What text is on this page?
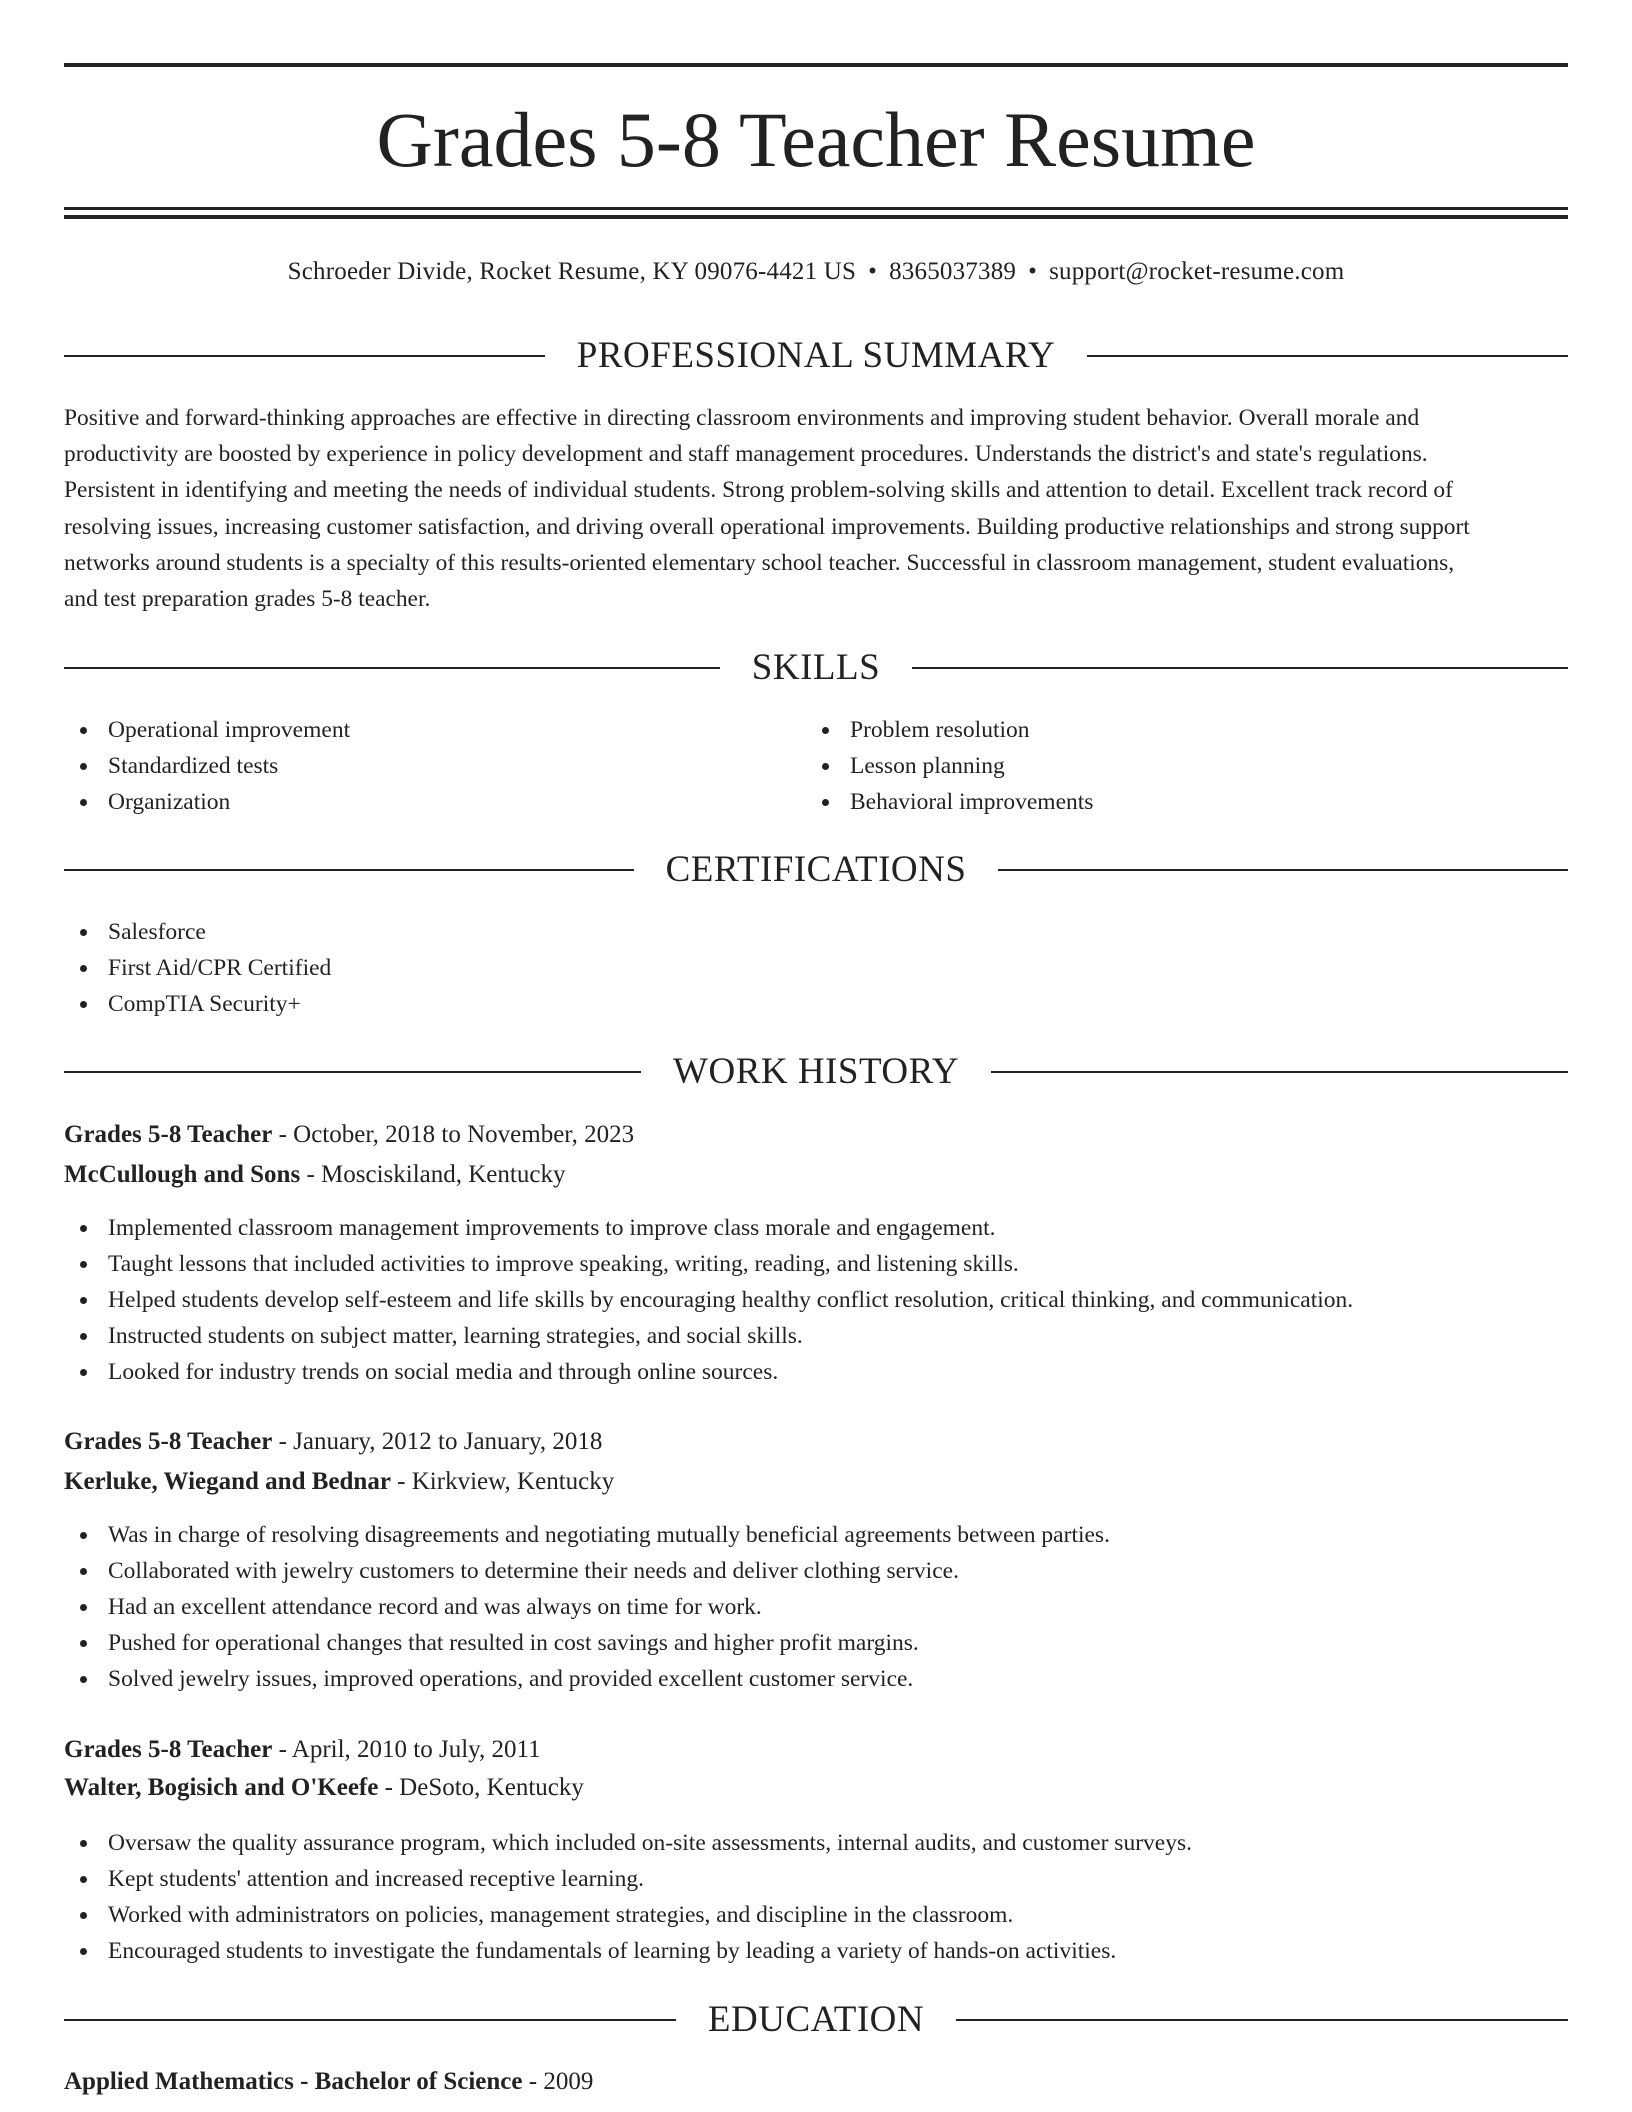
Grades 5-8 Teacher Resume
Schroeder Divide, Rocket Resume, KY 09076-4421 US • 8365037389 • support@rocket-resume.com
PROFESSIONAL SUMMARY
Positive and forward-thinking approaches are effective in directing classroom environments and improving student behavior. Overall morale and
productivity are boosted by experience in policy development and staff management procedures. Understands the district's and state's regulations.
Persistent in identifying and meeting the needs of individual students. Strong problem-solving skills and attention to detail. Excellent track record of
resolving issues, increasing customer satisfaction, and driving overall operational improvements. Building productive relationships and strong support
networks around students is a specialty of this results-oriented elementary school teacher. Successful in classroom management, student evaluations,
and test preparation grades 5-8 teacher.
SKILLS
Operational improvement
Standardized tests
Organization
Problem resolution
Lesson planning
Behavioral improvements
CERTIFICATIONS
Salesforce
First Aid/CPR Certified
CompTIA Security+
WORK HISTORY
Grades 5-8 Teacher - October, 2018 to November, 2023
McCullough and Sons - Mosciskiland, Kentucky
Implemented classroom management improvements to improve class morale and engagement.
Taught lessons that included activities to improve speaking, writing, reading, and listening skills.
Helped students develop self-esteem and life skills by encouraging healthy conflict resolution, critical thinking, and communication.
Instructed students on subject matter, learning strategies, and social skills.
Looked for industry trends on social media and through online sources.
Grades 5-8 Teacher - January, 2012 to January, 2018
Kerluke, Wiegand and Bednar - Kirkview, Kentucky
Was in charge of resolving disagreements and negotiating mutually beneficial agreements between parties.
Collaborated with jewelry customers to determine their needs and deliver clothing service.
Had an excellent attendance record and was always on time for work.
Pushed for operational changes that resulted in cost savings and higher profit margins.
Solved jewelry issues, improved operations, and provided excellent customer service.
Grades 5-8 Teacher - April, 2010 to July, 2011
Walter, Bogisich and O'Keefe - DeSoto, Kentucky
Oversaw the quality assurance program, which included on-site assessments, internal audits, and customer surveys.
Kept students' attention and increased receptive learning.
Worked with administrators on policies, management strategies, and discipline in the classroom.
Encouraged students to investigate the fundamentals of learning by leading a variety of hands-on activities.
EDUCATION
Applied Mathematics - Bachelor of Science - 2009
